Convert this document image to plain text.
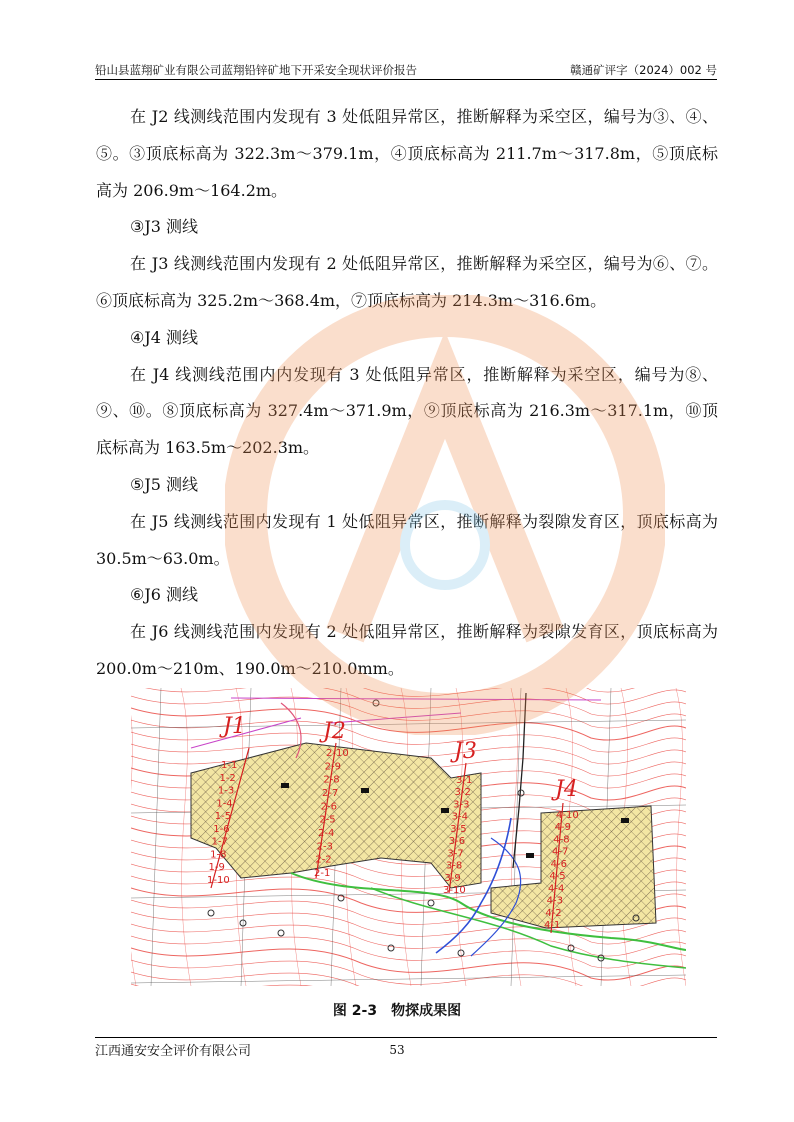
铅山县蓝翔矿业有限公司蓝翔铅锌矿地下开采安全现状评价报告	赣通矿评字（2024）002 号

在 J2 线测线范围内发现有 3 处低阻异常区，推断解释为采空区，编号为③、④、⑤。③顶底标高为 322.3m～379.1m，④顶底标高为 211.7m～317.8m，⑤顶底标高为 206.9m～164.2m。

③J3 测线

在 J3 线测线范围内发现有 2 处低阻异常区，推断解释为采空区，编号为⑥、⑦。⑥顶底标高为 325.2m～368.4m，⑦顶底标高为 214.3m～316.6m。

④J4 测线

在 J4 线测线范围内内发现有 3 处低阻异常区，推断解释为采空区，编号为⑧、⑨、⑩。⑧顶底标高为 327.4m～371.9m，⑨顶底标高为 216.3m～317.1m，⑩顶底标高为 163.5m～202.3m。

⑤J5 测线

在 J5 线测线范围内发现有 1 处低阻异常区，推断解释为裂隙发育区，顶底标高为 30.5m～63.0m。

⑥J6 测线

在 J6 线测线范围内发现有 2 处低阻异常区，推断解释为裂隙发育区，顶底标高为 200.0m～210m、190.0m～210.0mm。

J1	J2
J3
J4
1-1
1-2
1-3
1-4
1-5
1-6
1-7
1-8
1-9
1-10
2-10
2-9
2-8
2-7
2-6
2-5
2-4
2-3
2-2
2-1
3-1
3-2
3-3
3-4
3-5
3-6
3-7
3-8
3-9
3-10
4-10
4-9
4-8
4-7
4-6
4-5
4-4
4-3
4-2
4-1
图 2-3　物探成果图
江西通安安全评价有限公司	53
